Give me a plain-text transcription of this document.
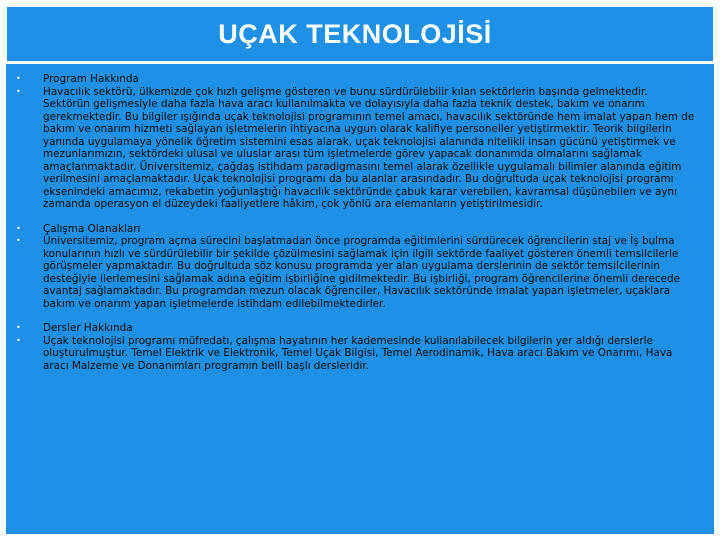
UÇAK TEKNOLOJİSİ
•	Program Hakkında
•	Havacılık sektörü, ülkemizde çok hızlı gelişme gösteren ve bunu sürdürülebilir kılan sektörlerin başında gelmektedir. Sektörün gelişmesiyle daha fazla hava aracı kullanılmakta ve dolayısıyla daha fazla teknik destek, bakım ve onarım gerekmektedir. Bu bilgiler ışığında uçak teknolojisi programının temel amacı, havacılık sektöründe hem imalat yapan hem de bakım ve onarım hizmeti sağlayan işletmelerin ihtiyacına uygun olarak kalifiye personeller yetiştirmektir. Teorik bilgilerin yanında uygulamaya yönelik öğretim sistemini esas alarak, uçak teknolojisi alanında nitelikli insan gücünü yetiştirmek ve mezunlarımızın, sektördeki ulusal ve uluslar arası tüm işletmelerde görev yapacak donanımda olmalarını sağlamak amaçlanmaktadır. Üniversitemiz, çağdaş istihdam paradigmasını temel alarak özellikle uygulamalı bilimler alanında eğitim verilmesini amaçlamaktadır. Uçak teknolojisi programı da bu alanlar arasındadır. Bu doğrultuda uçak teknolojisi programı eksenindeki amacımız, rekabetin yoğunlaştığı havacılık sektöründe çabuk karar verebilen, kavramsal düşünebilen ve aynı zamanda operasyon el düzeydeki faaliyetlere hâkim, çok yönlü ara elemanların yetiştirilmesidir.
•	Çalışma Olanakları
•	Üniversitemiz, program açma sürecini başlatmadan önce programda eğitimlerini sürdürecek öğrencilerin staj ve İş bulma konularının hızlı ve sürdürülebilir bir şekilde çözülmesini sağlamak için ilgili sektörde faaliyet gösteren önemli temsilcilerle görüşmeler yapmaktadır. Bu doğrultuda söz konusu programda yer alan uygulama derslerinin de sektör temsilcilerinin desteğiyle ilerlemesini sağlamak adına eğitim işbirliğine gidilmektedir. Bu işbirliği, program öğrencilerine önemli derecede avantaj sağlamaktadır. Bu programdan mezun olacak öğrenciler, Havacılık sektöründe imalat yapan işletmeler, uçaklara bakım ve onarım yapan işletmelerde istihdam edilebilmektedirler.
•	Dersler Hakkında
•	Uçak teknolojisi programı müfredatı, çalışma hayatının her kademesinde kullanılabilecek bilgilerin yer aldığı derslerle oluşturulmuştur. Temel Elektrik ve Elektronik, Temel Uçak Bilgisi, Temel Aerodinamik, Hava aracı Bakım ve Onarımı, Hava aracı Malzeme ve Donanımları programın belli başlı dersleridir.
